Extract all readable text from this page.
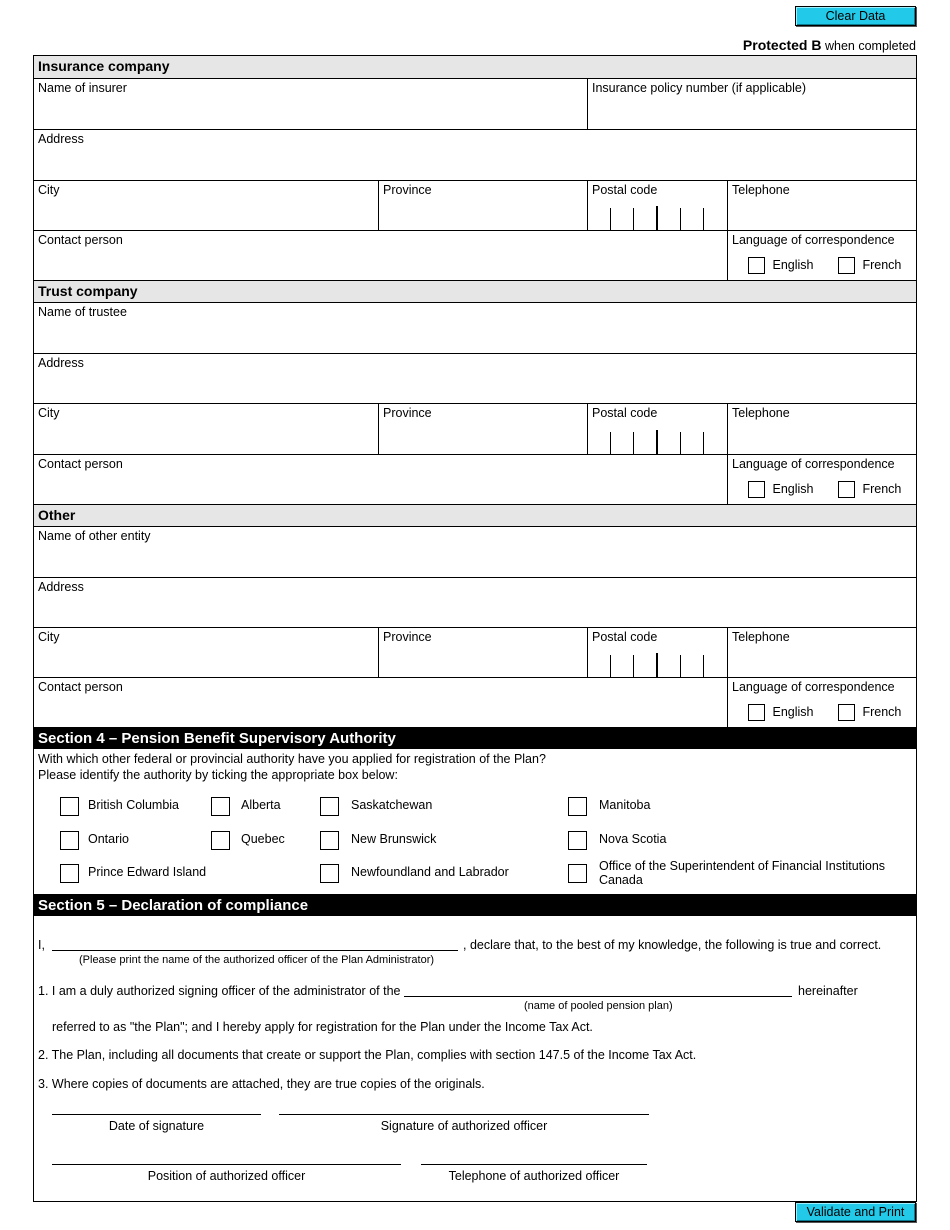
Clear Data
Protected B when completed
Insurance company
Name of insurer	Insurance policy number (if applicable)
Address
City	Province	Postal code	Telephone
Contact person	Language of correspondence
English	French
Trust company
Name of trustee
Address
City	Province	Postal code	Telephone
Contact person	Language of correspondence
English	French
Other
Name of other entity
Address
City	Province	Postal code	Telephone
Contact person	Language of correspondence
English	French
Section 4 – Pension Benefit Supervisory Authority
With which other federal or provincial authority have you applied for registration of the Plan?
Please identify the authority by ticking the appropriate box below:
British Columbia	Alberta	Saskatchewan	Manitoba
Ontario	Quebec	New Brunswick	Nova Scotia
Prince Edward Island	Newfoundland and Labrador	Office of the Superintendent of Financial Institutions
Canada
Section 5 – Declaration of compliance
I,	, declare that, to the best of my knowledge, the following is true and correct.
(Please print the name of the authorized officer of the Plan Administrator)
1. I am a duly authorized signing officer of the administrator of the	hereinafter
(name of pooled pension plan)
referred to as "the Plan"; and I hereby apply for registration for the Plan under the Income Tax Act.
2. The Plan, including all documents that create or support the Plan, complies with section 147.5 of the Income Tax Act.
3. Where copies of documents are attached, they are true copies of the originals.
Date of signature	Signature of authorized officer
Position of authorized officer	Telephone of authorized officer
Validate and Print
